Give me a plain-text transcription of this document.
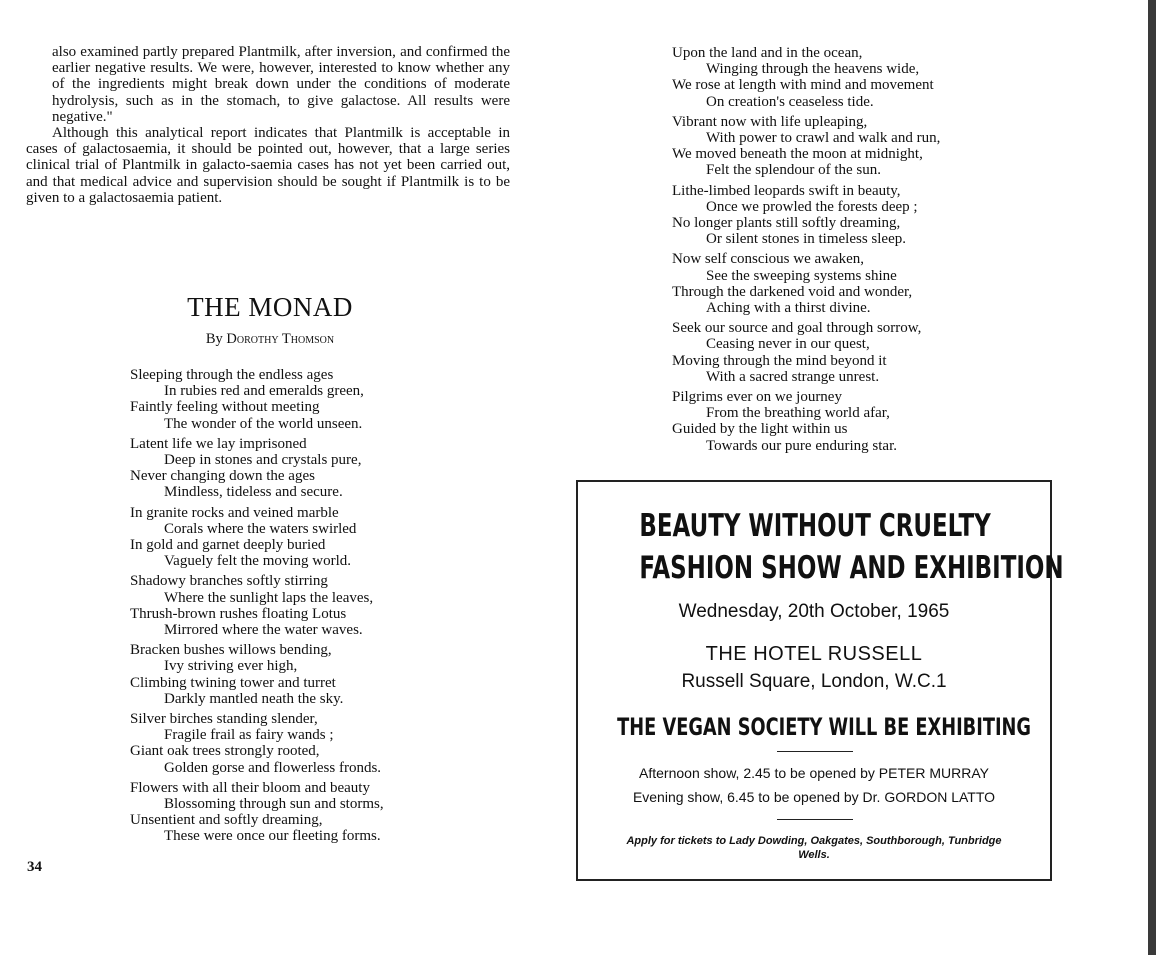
also examined partly prepared Plantmilk, after inversion, and confirmed the earlier negative results. We were, however, interested to know whether any of the ingredients might break down under the conditions of moderate hydrolysis, such as in the stomach, to give galactose. All results were negative."

Although this analytical report indicates that Plantmilk is acceptable in cases of galactosaemia, it should be pointed out, however, that a large series clinical trial of Plantmilk in galacto-saemia cases has not yet been carried out, and that medical advice and supervision should be sought if Plantmilk is to be given to a galactosaemia patient.

THE MONAD
By Dorothy Thomson
Sleeping through the endless ages
In rubies red and emeralds green,
Faintly feeling without meeting
The wonder of the world unseen.
Latent life we lay imprisoned
Deep in stones and crystals pure,
Never changing down the ages
Mindless, tideless and secure.
In granite rocks and veined marble
Corals where the waters swirled
In gold and garnet deeply buried
Vaguely felt the moving world.
Shadowy branches softly stirring
Where the sunlight laps the leaves,
Thrush-brown rushes floating Lotus
Mirrored where the water waves.
Bracken bushes willows bending,
Ivy striving ever high,
Climbing twining tower and turret
Darkly mantled neath the sky.
Silver birches standing slender,
Fragile frail as fairy wands ;
Giant oak trees strongly rooted,
Golden gorse and flowerless fronds.
Flowers with all their bloom and beauty
Blossoming through sun and storms,
Unsentient and softly dreaming,
These were once our fleeting forms.
Upon the land and in the ocean,
Winging through the heavens wide,
We rose at length with mind and movement
On creation's ceaseless tide.
Vibrant now with life upleaping,
With power to crawl and walk and run,
We moved beneath the moon at midnight,
Felt the splendour of the sun.
Lithe-limbed leopards swift in beauty,
Once we prowled the forests deep ;
No longer plants still softly dreaming,
Or silent stones in timeless sleep.
Now self conscious we awaken,
See the sweeping systems shine
Through the darkened void and wonder,
Aching with a thirst divine.
Seek our source and goal through sorrow,
Ceasing never in our quest,
Moving through the mind beyond it
With a sacred strange unrest.
Pilgrims ever on we journey
From the breathing world afar,
Guided by the light within us
Towards our pure enduring star.
34
BEAUTY WITHOUT CRUELTY
FASHION SHOW AND EXHIBITION
Wednesday, 20th October, 1965
THE HOTEL RUSSELL
Russell Square, London, W.C.1
THE VEGAN SOCIETY WILL BE EXHIBITING
Afternoon show, 2.45 to be opened by PETER MURRAY
Evening show, 6.45 to be opened by Dr. GORDON LATTO
Apply for tickets to Lady Dowding, Oakgates, Southborough, Tunbridge Wells.
